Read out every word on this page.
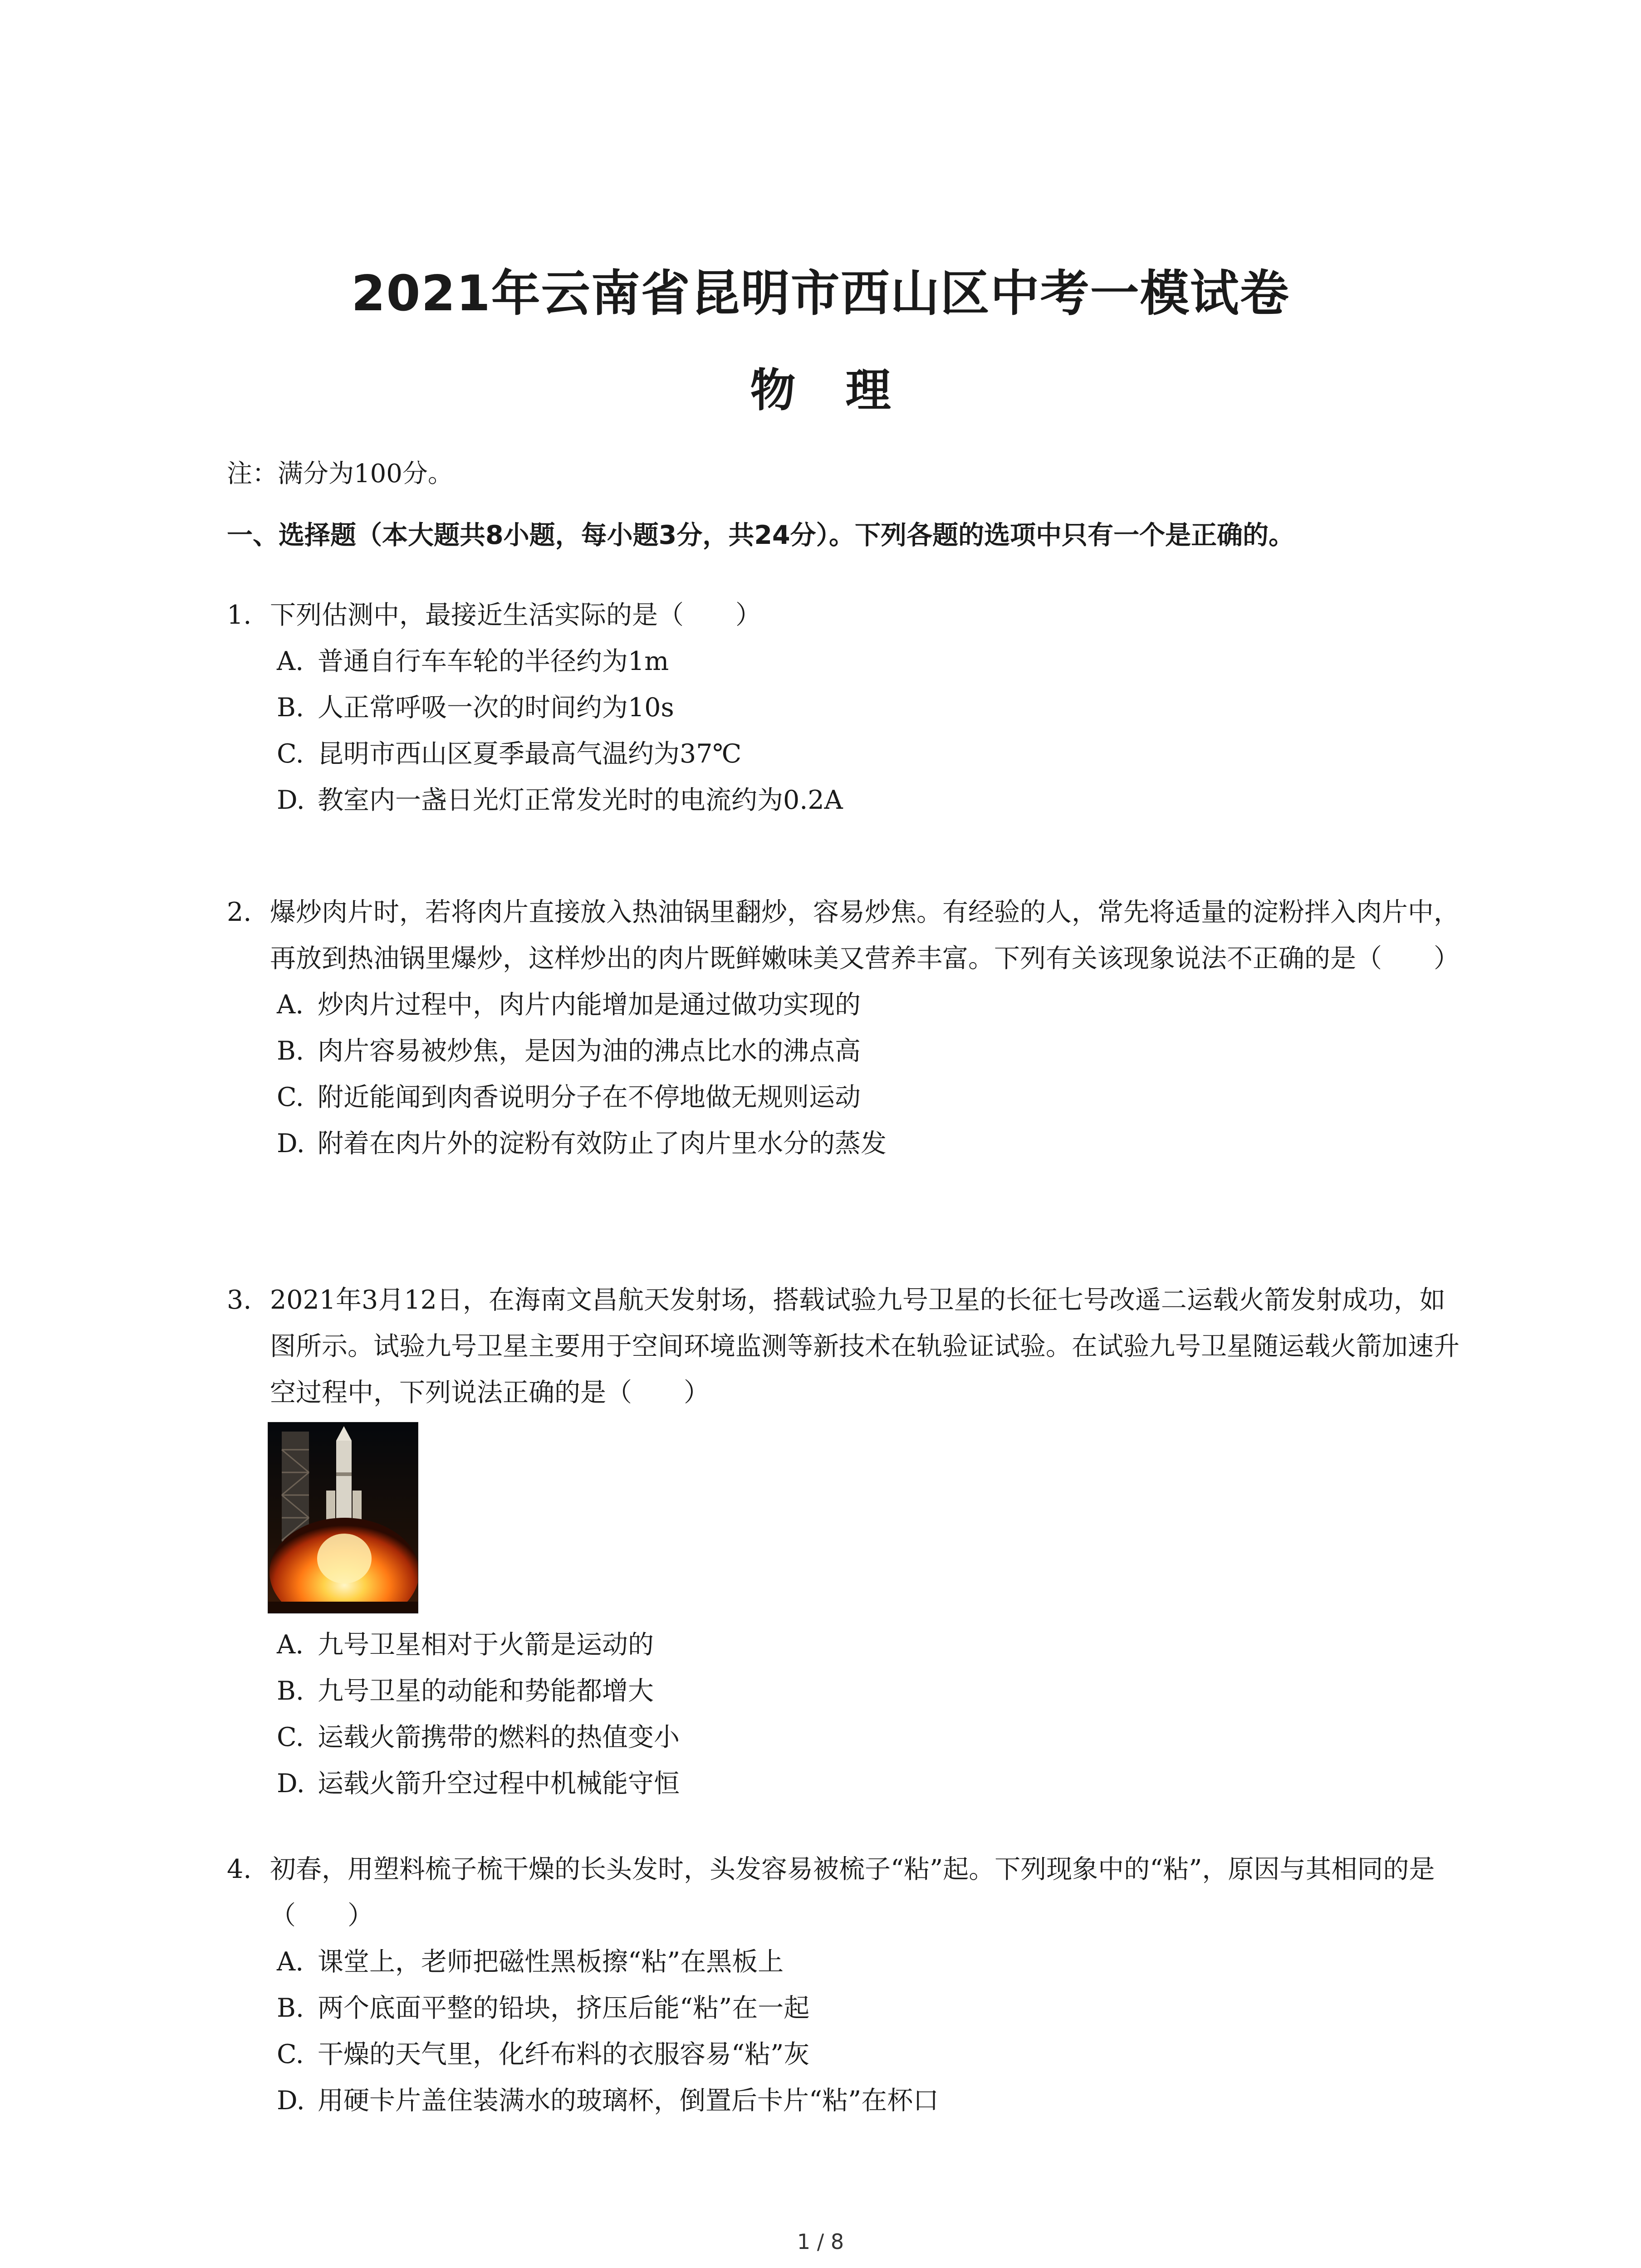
2021年云南省昆明市西山区中考一模试卷
物理
注：满分为100分。
一、选择题（本大题共8小题，每小题3分，共24分）。下列各题的选项中只有一个是正确的。
1. 下列估测中，最接近生活实际的是（　　）
A. 普通自行车车轮的半径约为1m
B. 人正常呼吸一次的时间约为10s
C. 昆明市西山区夏季最高气温约为37℃
D. 教室内一盏日光灯正常发光时的电流约为0.2A
2. 爆炒肉片时，若将肉片直接放入热油锅里翻炒，容易炒焦。有经验的人，常先将适量的淀粉拌入肉片中，再放到热油锅里爆炒，这样炒出的肉片既鲜嫩味美又营养丰富。下列有关该现象说法不正确的是（　　）
A. 炒肉片过程中，肉片内能增加是通过做功实现的
B. 肉片容易被炒焦，是因为油的沸点比水的沸点高
C. 附近能闻到肉香说明分子在不停地做无规则运动
D. 附着在肉片外的淀粉有效防止了肉片里水分的蒸发
3. 2021年3月12日，在海南文昌航天发射场，搭载试验九号卫星的长征七号改遥二运载火箭发射成功，如图所示。试验九号卫星主要用于空间环境监测等新技术在轨验证试验。在试验九号卫星随运载火箭加速升空过程中，下列说法正确的是（　　）
A. 九号卫星相对于火箭是运动的
B. 九号卫星的动能和势能都增大
C. 运载火箭携带的燃料的热值变小
D. 运载火箭升空过程中机械能守恒
4. 初春，用塑料梳子梳干燥的长头发时，头发容易被梳子“粘”起。下列现象中的“粘”，原因与其相同的是（　　）
A. 课堂上，老师把磁性黑板擦“粘”在黑板上
B. 两个底面平整的铅块，挤压后能“粘”在一起
C. 干燥的天气里，化纤布料的衣服容易“粘”灰
D. 用硬卡片盖住装满水的玻璃杯，倒置后卡片“粘”在杯口
1 / 8
